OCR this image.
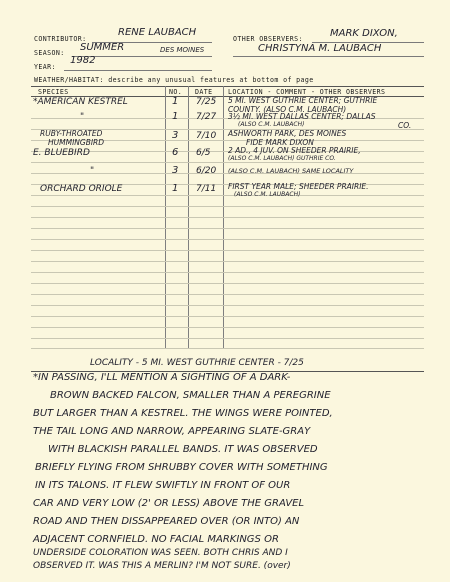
CONTRIBUTOR:
RENE LAUBACH
OTHER OBSERVERS:	MARK DIXON,
CHRISTYNA M. LAUBACH
SEASON: SUMMER	DES MOINES
YEAR:
1982
WEATHER/HABITAT: describe any unusual features at bottom of page
SPECIES	NO. DATE LOCATION - COMMENT - OTHER OBSERVERS
*AMERICAN KESTREL	1 7/25 5 MI. WEST GUTHRIE CENTER; GUTHRIE
COUNTY. (ALSO C.M. LAUBACH)
"	1 7/27 3½ MI. WEST DALLAS CENTER; DALLAS
(ALSO C.M. LAUBACH)	CO.
RUBY-THROATED
HUMMINGBIRD
3 7/10 ASHWORTH PARK, DES MOINES
FIDE MARK DIXON
E. BLUEBIRD	6 6/5 2 AD., 4 JUV. ON SHEEDER PRAIRIE,
(ALSO C.M. LAUBACH) GUTHRIE CO.
"	3 6/20 (ALSO C.M. LAUBACH) SAME LOCALITY
ORCHARD ORIOLE	1 7/11 FIRST YEAR MALE; SHEEDER PRAIRIE.
(ALSO C.M. LAUBACH)
LOCALITY - 5 MI. WEST GUTHRIE CENTER - 7/25
*IN PASSING, I'LL MENTION A SIGHTING OF A DARK-
BROWN BACKED FALCON, SMALLER THAN A PEREGRINE
BUT LARGER THAN A KESTREL. THE WINGS WERE POINTED,
THE TAIL LONG AND NARROW, APPEARING SLATE-GRAY
WITH BLACKISH PARALLEL BANDS. IT WAS OBSERVED
BRIEFLY FLYING FROM SHRUBBY COVER WITH SOMETHING
IN ITS TALONS. IT FLEW SWIFTLY IN FRONT OF OUR
CAR AND VERY LOW (2' OR LESS) ABOVE THE GRAVEL
ROAD AND THEN DISSAPPEARED OVER (OR INTO) AN
ADJACENT CORNFIELD. NO FACIAL MARKINGS OR
UNDERSIDE COLORATION WAS SEEN. BOTH CHRIS AND I
OBSERVED IT. WAS THIS A MERLIN? I'M NOT SURE. (over)
